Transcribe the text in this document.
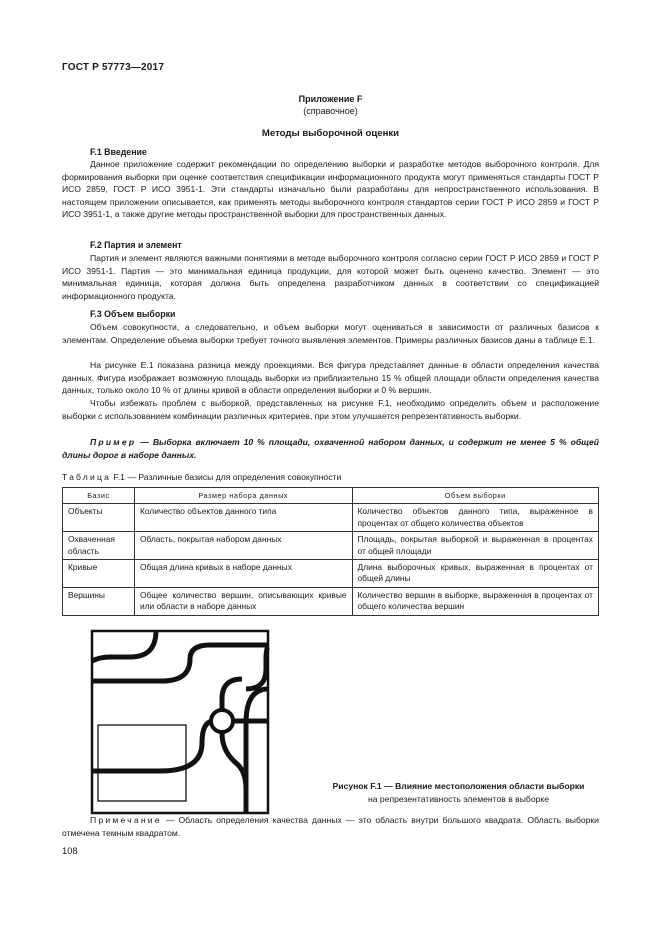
ГОСТ Р 57773—2017
Приложение F
(справочное)
Методы выборочной оценки
F.1 Введение
Данное приложение содержит рекомендации по определению выборки и разработке методов выборочного контроля. Для формирования выборки при оценке соответствия спецификации информационного продукта могут применяться стандарты ГОСТ Р ИСО 2859, ГОСТ Р ИСО 3951-1. Эти стандарты изначально были разработаны для непространственного использования. В настоящем приложении описывается, как применять методы выборочного контроля стандартов серии ГОСТ Р ИСО 2859 и ГОСТ Р ИСО 3951-1, а также другие методы пространственной выборки для пространственных данных.
F.2 Партия и элемент
Партия и элемент являются важными понятиями в методе выборочного контроля согласно серии ГОСТ Р ИСО 2859 и ГОСТ Р ИСО 3951-1. Партия — это минимальная единица продукции, для которой может быть оценено качество. Элемент — это минимальная единица, которая должна быть определена разработчиком данных в соответствии со спецификацией информационного продукта.
F.3 Объем выборки
Объем совокупности, а следовательно, и объем выборки могут оцениваться в зависимости от различных базисов к элементам. Определение объема выборки требует точного выявления элементов. Примеры различных базисов даны в таблице Е.1.
На рисунке Е.1 показана разница между проекциями. Вся фигура представляет данные в области определения качества данных. Фигура изображает возможную площадь выборки из приблизительно 15 % общей площади области определения качества данных, только около 10 % от длины кривой в области определения выборки и 0 % вершин.
Чтобы избежать проблем с выборкой, представленных на рисунке F.1, необходимо определить объем и расположение выборки с использованием комбинации различных критериев, при этом улучшается репрезентативность выборки.
Пример — Выборка включает 10 % площади, охваченной набором данных, и содержит не менее 5 % общей длины дорог в наборе данных.
Таблица F.1 — Различные базисы для определения совокупности
Базис	Размер набора данных	Объем выборки
Объекты	Количество объектов данного типа	Количество объектов данного типа, выраженное в процентах от общего количества объектов
Охваченная область	Область, покрытая набором данных	Площадь, покрытая выборкой и выраженная в процентах от общей площади
Кривые	Общая длина кривых в наборе данных	Длина выборочных кривых, выраженная в процентах от общей длины
Вершины	Общее количество вершин, описывающих кривые или области в наборе данных	Количество вершин в выборке, выраженная в процентах от общего количества вершин
Рисунок F.1 — Влияние местоположения области выборки
на репрезентативность элементов в выборке
Примечание — Область определения качества данных — это область внутри большого квадрата. Область выборки отмечена темным квадратом.
108
